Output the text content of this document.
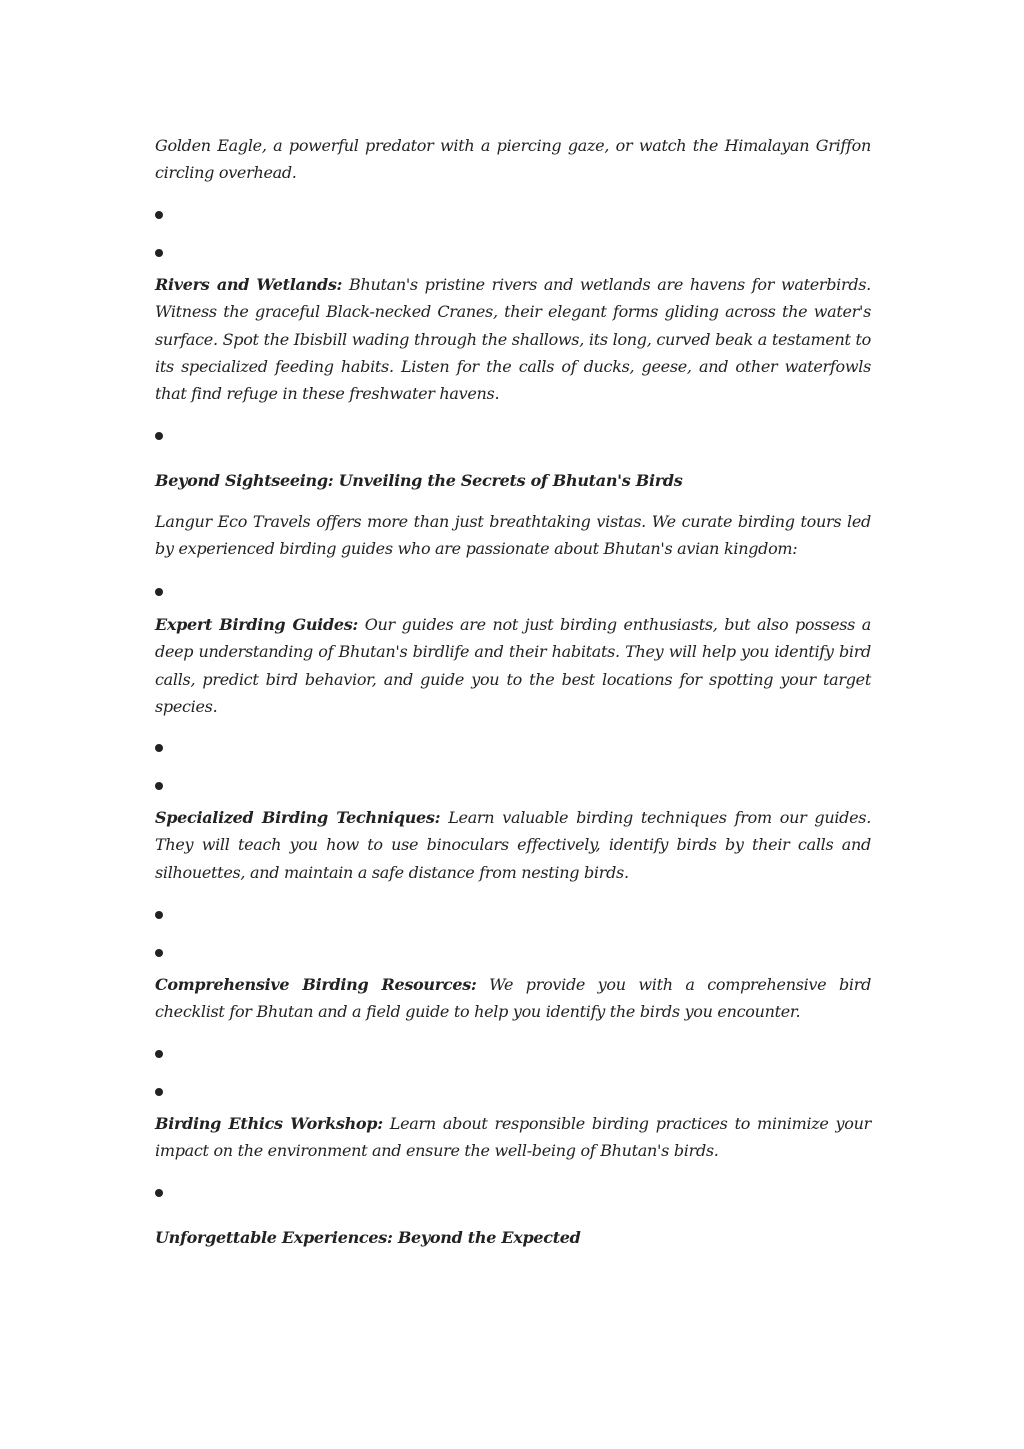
Golden Eagle, a powerful predator with a piercing gaze, or watch the Himalayan Griffon circling overhead.

Rivers and Wetlands: Bhutan's pristine rivers and wetlands are havens for waterbirds. Witness the graceful Black-necked Cranes, their elegant forms gliding across the water's surface. Spot the Ibisbill wading through the shallows, its long, curved beak a testament to its specialized feeding habits. Listen for the calls of ducks, geese, and other waterfowls that find refuge in these freshwater havens.

Beyond Sightseeing: Unveiling the Secrets of Bhutan's Birds

Langur Eco Travels offers more than just breathtaking vistas. We curate birding tours led by experienced birding guides who are passionate about Bhutan's avian kingdom:

Expert Birding Guides: Our guides are not just birding enthusiasts, but also possess a deep understanding of Bhutan's birdlife and their habitats. They will help you identify bird calls, predict bird behavior, and guide you to the best locations for spotting your target species.

Specialized Birding Techniques: Learn valuable birding techniques from our guides. They will teach you how to use binoculars effectively, identify birds by their calls and silhouettes, and maintain a safe distance from nesting birds.

Comprehensive Birding Resources: We provide you with a comprehensive bird checklist for Bhutan and a field guide to help you identify the birds you encounter.

Birding Ethics Workshop: Learn about responsible birding practices to minimize your impact on the environment and ensure the well-being of Bhutan's birds.

Unforgettable Experiences: Beyond the Expected
